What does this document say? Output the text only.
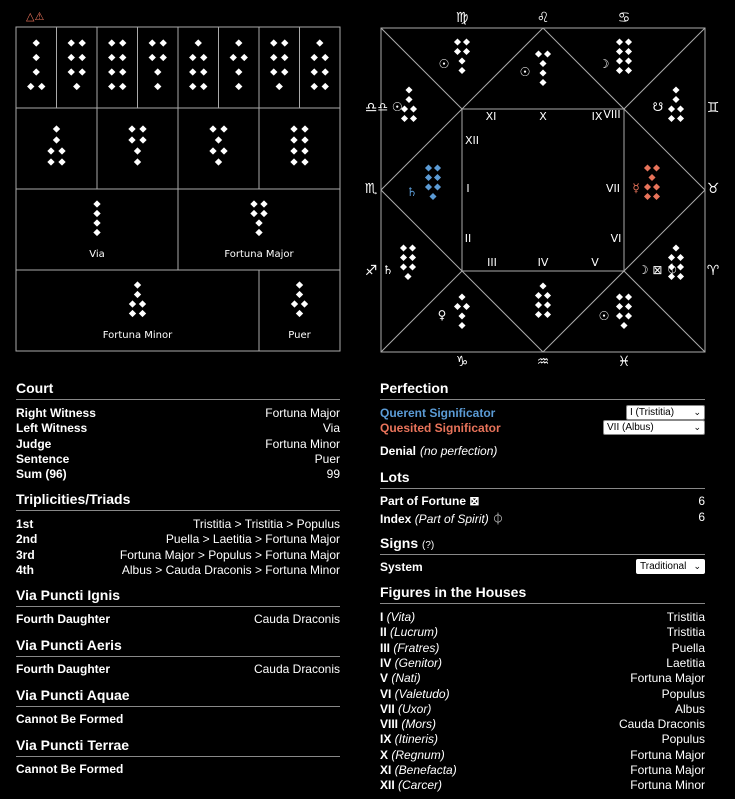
△⚠
Via	Fortuna Major
Fortuna Minor	Puer
♍	♌	♋
♊
♉
♈
♓
♒
♑
♐
♏
♎
I
II
III	IV	V
VI
VII
VIII
IX
X
XI
XII
♄
♄
♀	☉
☽ ⊠ ⏀
☿
☋
☽
☉
☉
♎ ☉
Court
Right Witness	Fortuna Major
Left Witness	Via
Judge	Fortuna Minor
Sentence	Puer
Sum (96)	99
Triplicities/Triads
1st	Tristitia > Tristitia > Populus
2nd	Puella > Laetitia > Fortuna Major
3rd	Fortuna Major > Populus > Fortuna Major
4th	Albus > Cauda Draconis > Fortuna Minor
Via Puncti Ignis
Fourth Daughter	Cauda Draconis
Via Puncti Aeris
Fourth Daughter	Cauda Draconis
Via Puncti Aquae
Cannot Be Formed
Via Puncti Terrae
Cannot Be Formed
Perfection
Querent Significator	I (Tristitia) ⌄
Quesited Significator	VII (Albus)	⌄
Denial (no perfection)
Lots
Part of Fortune ⊠	6
Index (Part of Spirit) ⏀	6
Signs (?)
System	Traditional ⌄
Figures in the Houses
I (Vita)	Tristitia
II (Lucrum)	Tristitia
III (Fratres)	Puella
IV (Genitor)	Laetitia
V (Nati)	Fortuna Major
VI (Valetudo)	Populus
VII (Uxor)	Albus
VIII (Mors)	Cauda Draconis
IX (Itineris)	Populus
X (Regnum)	Fortuna Major
XI (Benefacta)	Fortuna Major
XII (Carcer)	Fortuna Minor
